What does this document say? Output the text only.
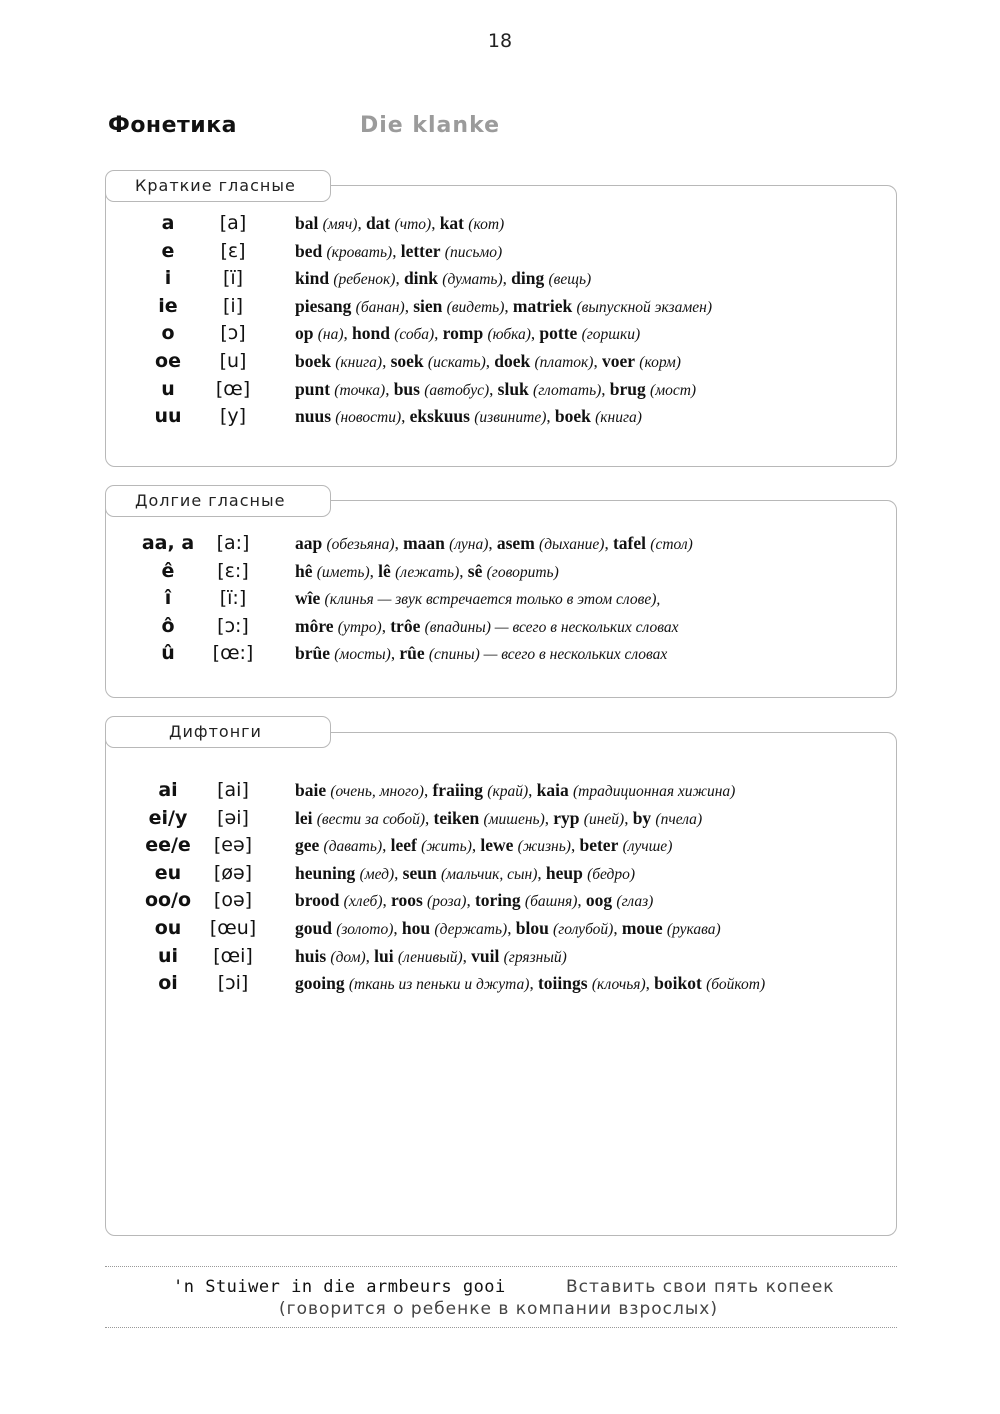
18
Фонетика	Die klanke
Краткие гласные
a	[a]	bal (мяч), dat (что), kat (кот)
e	[ɛ]	bed (кровать), letter (письмо)
i	[ï]	kind (ребенок), dink (думать), ding (вещь)
ie	[i]	piesang (банан), sien (видеть), matriek (выпускной экзамен)
o	[ɔ]	op (на), hond (соба), romp (юбка), potte (горшки)
oe	[u]	boek (книга), soek (искать), doek (платок), voer (корм)
u	[œ]	punt (точка), bus (автобус), sluk (глотать), brug (мост)
uu	[y]	nuus (новости), ekskuus (извините), boek (книга)
Долгие гласные
aa, a	[a:]	aap (обезьяна), maan (луна), asem (дыхание), tafel (стол)
ê	[ɛ:]	hê (иметь), lê (лежать), sê (говорить)
î	[ï:]	wîe (клинья — звук встречается только в этом слове),
ô	[ɔ:]	môre (утро), trôe (впадины) — всего в нескольких словах
û	[œ:]	brûe (мосты), rûe (спины) — всего в нескольких словах
Дифтонги
ai	[ai]	baie (очень, много), fraiing (край), kaia (традиционная хижина)
ei/y	[əi]	lei (вести за собой), teiken (мишень), ryp (иней), by (пчела)
ee/e	[eə]	gee (давать), leef (жить), lewe (жизнь), beter (лучше)
eu	[øə]	heuning (мед), seun (мальчик, сын), heup (бедро)
oo/o	[oə]	brood (хлеб), roos (роза), toring (башня), oog (глаз)
ou	[œu]	goud (золото), hou (держать), blou (голубой), moue (рукава)
ui	[œi]	huis (дом), lui (ленивый), vuil (грязный)
oi	[ɔi]	gooing (ткань из пеньки и джута), toiings (клочья), boikot (бойкот)
'n Stuiwer in die armbeurs gooi	Вставить свои пять копеек
(говорится о ребенке в компании взрослых)
